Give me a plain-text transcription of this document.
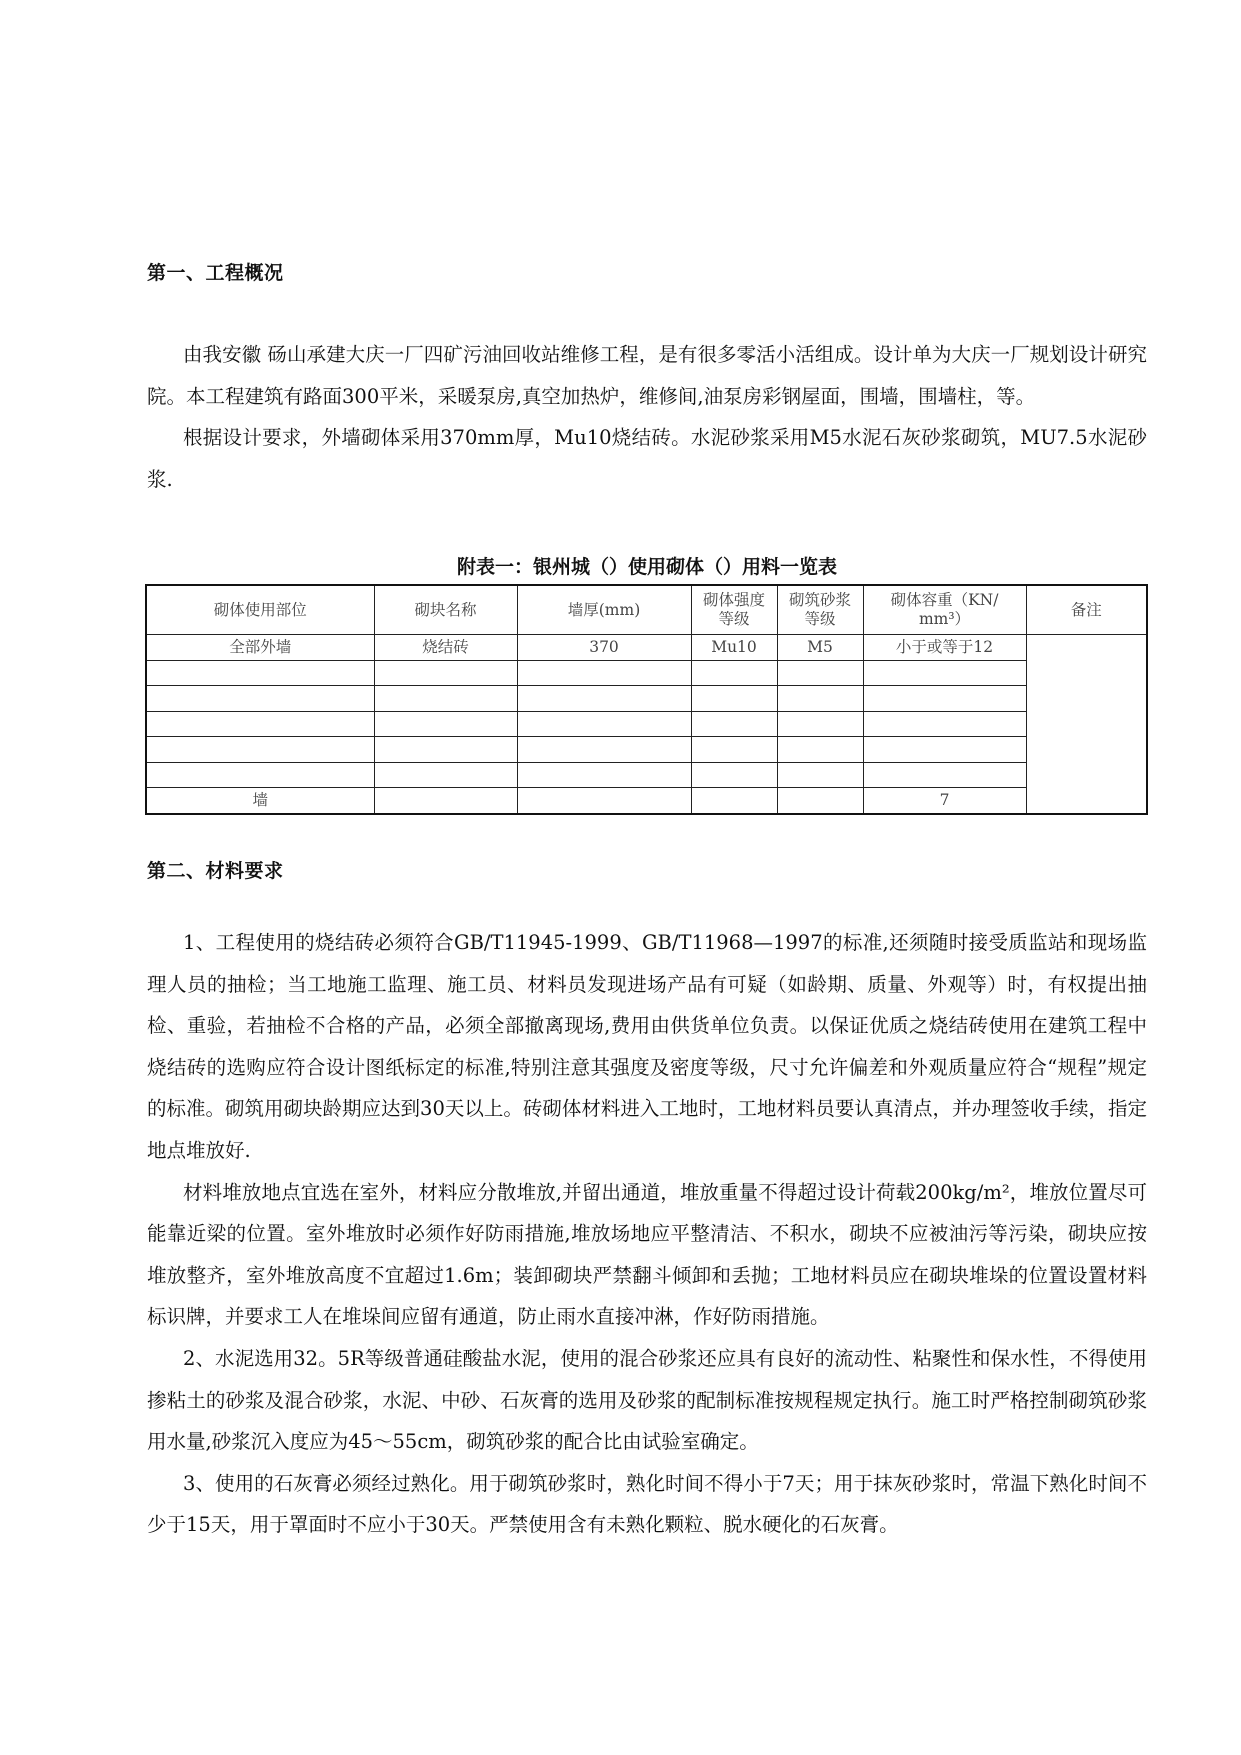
第一、工程概况

由我安徽 砀山承建大庆一厂四矿污油回收站维修工程，是有很多零活小活组成。设计单为大庆一厂规划设计研究院。本工程建筑有路面300平米，采暖泵房,真空加热炉，维修间,油泵房彩钢屋面，围墙，围墙柱，等。

根据设计要求，外墙砌体采用370mm厚，Mu10烧结砖。水泥砂浆采用M5水泥石灰砂浆砌筑，MU7.5水泥砂浆.

附表一：银州城（）使用砌体（）用料一览表
砌体使用部位	砌块名称	墙厚(mm)	砌体强度等级	砌筑砂浆等级	砌体容重（KN/ mm³）	备注
全部外墙	烧结砖	370	Mu10	M5	小于或等于12	

墙					7	
第二、材料要求

1、工程使用的烧结砖必须符合GB/T11945-1999、GB/T11968—1997的标准,还须随时接受质监站和现场监理人员的抽检；当工地施工监理、施工员、材料员发现进场产品有可疑（如龄期、质量、外观等）时，有权提出抽检、重验，若抽检不合格的产品，必须全部撤离现场,费用由供货单位负责。以保证优质之烧结砖使用在建筑工程中烧结砖的选购应符合设计图纸标定的标准,特别注意其强度及密度等级，尺寸允许偏差和外观质量应符合“规程”规定的标准。砌筑用砌块龄期应达到30天以上。砖砌体材料进入工地时，工地材料员要认真清点，并办理签收手续，指定地点堆放好.

材料堆放地点宜选在室外，材料应分散堆放,并留出通道，堆放重量不得超过设计荷载200kg/m²，堆放位置尽可能靠近梁的位置。室外堆放时必须作好防雨措施,堆放场地应平整清洁、不积水，砌块不应被油污等污染，砌块应按堆放整齐，室外堆放高度不宜超过1.6m；装卸砌块严禁翻斗倾卸和丢抛；工地材料员应在砌块堆垛的位置设置材料标识牌，并要求工人在堆垛间应留有通道，防止雨水直接冲淋，作好防雨措施。

2、水泥选用32。5R等级普通硅酸盐水泥，使用的混合砂浆还应具有良好的流动性、粘聚性和保水性，不得使用掺粘土的砂浆及混合砂浆，水泥、中砂、石灰膏的选用及砂浆的配制标准按规程规定执行。施工时严格控制砌筑砂浆用水量,砂浆沉入度应为45～55cm，砌筑砂浆的配合比由试验室确定。

3、使用的石灰膏必须经过熟化。用于砌筑砂浆时，熟化时间不得小于7天；用于抹灰砂浆时，常温下熟化时间不少于15天，用于罩面时不应小于30天。严禁使用含有未熟化颗粒、脱水硬化的石灰膏。
